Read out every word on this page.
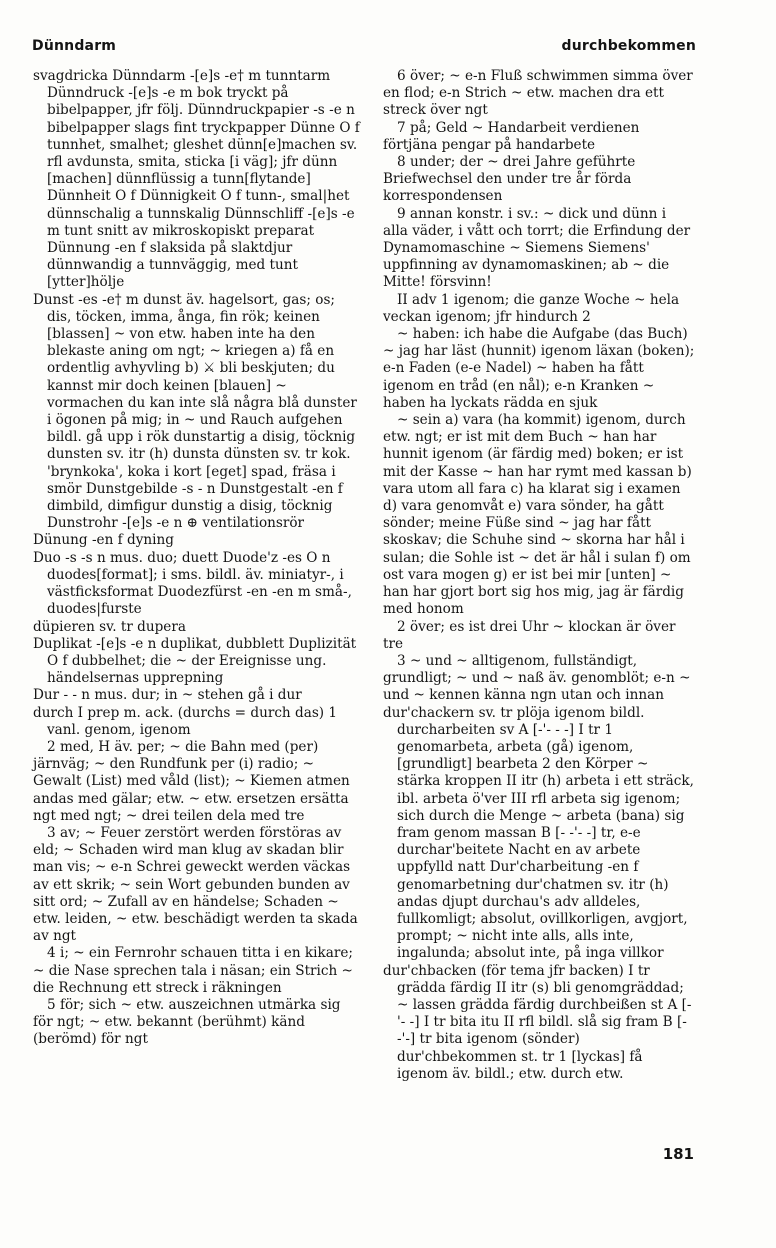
Dünndarm	durchbekommen

svagdricka Dünndarm -[e]s -e† m tunntarm Dünndruck -[e]s -e m bok tryckt på bibelpapper, jfr följ. Dünndruckpapier -s -e n bibelpapper slags fint tryckpapper Dünne O f tunnhet, smalhet; gleshet dünn[e]machen sv. rfl avdunsta, smita, sticka [i väg]; jfr dünn [machen] dünnflüssig a tunn[flytande] Dünnheit O f Dünnigkeit O f tunn-, smal|het dünnschalig a tunnskalig Dünnschliff -[e]s -e m tunt snitt av mikroskopiskt preparat Dünnung -en f slaksida på slaktdjur dünnwandig a tunnväggig, med tunt [ytter]hölje

Dunst -es -e† m dunst äv. hagelsort, gas; os; dis, töcken, imma, ånga, fin rök; keinen [blassen] ~ von etw. haben inte ha den blekaste aning om ngt; ~ kriegen a) få en ordentlig avhyvling b) ⚔ bli beskjuten; du kannst mir doch keinen [blauen] ~ vormachen du kan inte slå några blå dunster i ögonen på mig; in ~ und Rauch aufgehen bildl. gå upp i rök dunstartig a disig, töcknig dunsten sv. itr (h) dunsta dünsten sv. tr kok. 'brynkoka', koka i kort [eget] spad, fräsa i smör Dunstgebilde -s - n Dunstgestalt -en f dimbild, dimfigur dunstig a disig, töcknig Dunstrohr -[e]s -e n ⊕ ventilationsrör

Dünung -en f dyning

Duo -s -s n mus. duo; duett Duode'z -es O n duodes[format]; i sms. bildl. äv. miniatyr-, i västficksformat Duodezfürst -en -en m små-, duodes|furste

düpieren sv. tr dupera

Duplikat -[e]s -e n duplikat, dubblett Duplizität O f dubbelhet; die ~ der Ereignisse ung. händelsernas upprepning

Dur - - n mus. dur; in ~ stehen gå i dur

durch I prep m. ack. (durchs = durch das) 1 vanl. genom, igenom

2 med, H äv. per; ~ die Bahn med (per) järnväg; ~ den Rundfunk per (i) radio; ~ Gewalt (List) med våld (list); ~ Kiemen atmen andas med gälar; etw. ~ etw. ersetzen ersätta ngt med ngt; ~ drei teilen dela med tre

3 av; ~ Feuer zerstört werden förstöras av eld; ~ Schaden wird man klug av skadan blir man vis; ~ e-n Schrei geweckt werden väckas av ett skrik; ~ sein Wort gebunden bunden av sitt ord; ~ Zufall av en händelse; Schaden ~ etw. leiden, ~ etw. beschädigt werden ta skada av ngt

4 i; ~ ein Fernrohr schauen titta i en kikare; ~ die Nase sprechen tala i näsan; ein Strich ~ die Rechnung ett streck i räkningen

5 för; sich ~ etw. auszeichnen utmärka sig för ngt; ~ etw. bekannt (berühmt) känd (berömd) för ngt

6 över; ~ e-n Fluß schwimmen simma över en flod; e-n Strich ~ etw. machen dra ett streck över ngt

7 på; Geld ~ Handarbeit verdienen förtjäna pengar på handarbete

8 under; der ~ drei Jahre geführte Briefwechsel den under tre år förda korrespondensen

9 annan konstr. i sv.: ~ dick und dünn i alla väder, i vått och torrt; die Erfindung der Dynamomaschine ~ Siemens Siemens' uppfinning av dynamomaskinen; ab ~ die Mitte! försvinn!

II adv 1 igenom; die ganze Woche ~ hela veckan igenom; jfr hindurch 2

~ haben: ich habe die Aufgabe (das Buch) ~ jag har läst (hunnit) igenom läxan (boken); e-n Faden (e-e Nadel) ~ haben ha fått igenom en tråd (en nål); e-n Kranken ~ haben ha lyckats rädda en sjuk

~ sein a) vara (ha kommit) igenom, durch etw. ngt; er ist mit dem Buch ~ han har hunnit igenom (är färdig med) boken; er ist mit der Kasse ~ han har rymt med kassan b) vara utom all fara c) ha klarat sig i examen d) vara genomvåt e) vara sönder, ha gått sönder; meine Füße sind ~ jag har fått skoskav; die Schuhe sind ~ skorna har hål i sulan; die Sohle ist ~ det är hål i sulan f) om ost vara mogen g) er ist bei mir [unten] ~ han har gjort bort sig hos mig, jag är färdig med honom

2 över; es ist drei Uhr ~ klockan är över tre

3 ~ und ~ alltigenom, fullständigt, grundligt; ~ und ~ naß äv. genomblöt; e-n ~ und ~ kennen känna ngn utan och innan

dur'chackern sv. tr plöja igenom bildl. durcharbeiten sv A [-'- - -] I tr 1 genomarbeta, arbeta (gå) igenom, [grundligt] bearbeta 2 den Körper ~ stärka kroppen II itr (h) arbeta i ett sträck, ibl. arbeta ö'ver III rfl arbeta sig igenom; sich durch die Menge ~ arbeta (bana) sig fram genom massan B [- -'- -] tr, e-e durchar'beitete Nacht en av arbete uppfylld natt Dur'charbeitung -en f genomarbetning dur'chatmen sv. itr (h) andas djupt durchau's adv alldeles, fullkomligt; absolut, ovillkorligen, avgjort, prompt; ~ nicht inte alls, alls inte, ingalunda; absolut inte, på inga villkor

dur'chbacken (för tema jfr backen) I tr grädda färdig II itr (s) bli genomgräddad; ~ lassen grädda färdig durchbeißen st A [-'- -] I tr bita itu II rfl bildl. slå sig fram B [- -'-] tr bita igenom (sönder) dur'chbekommen st. tr 1 [lyckas] få igenom äv. bildl.; etw. durch etw.

181
